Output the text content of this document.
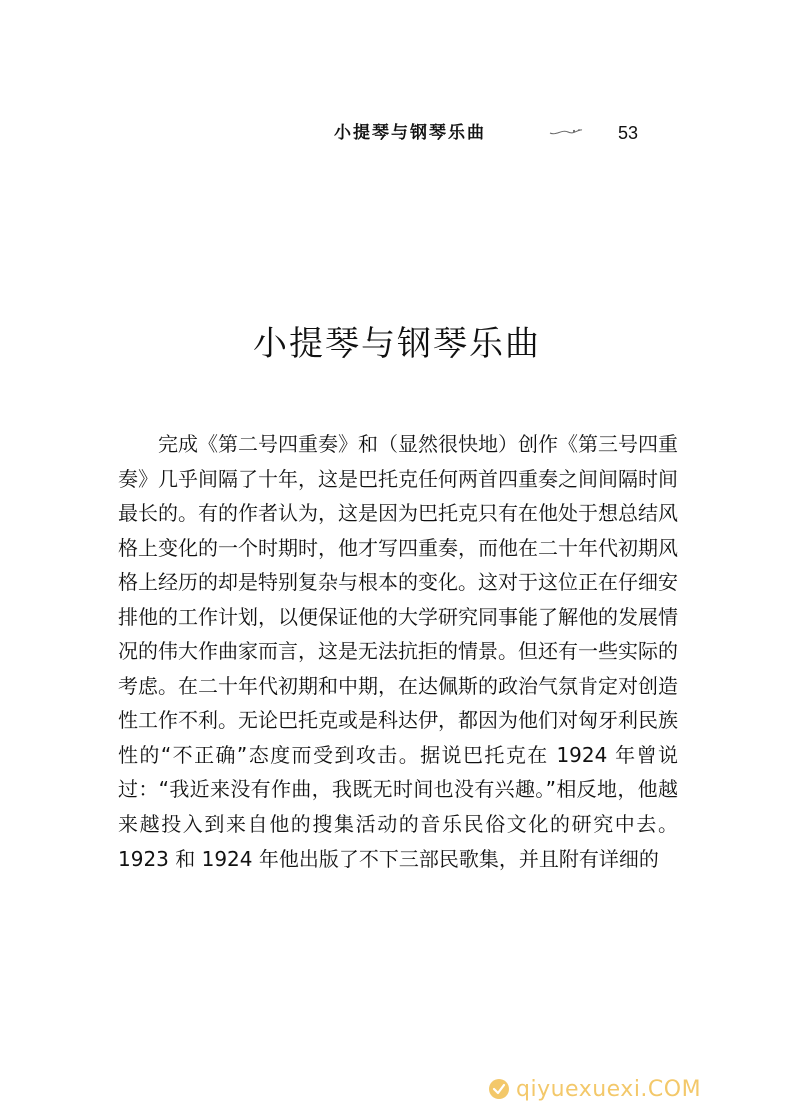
小提琴与钢琴乐曲	53
小提琴与钢琴乐曲

完成《第二号四重奏》和（显然很快地）创作《第三号四重奏》几乎间隔了十年，这是巴托克任何两首四重奏之间间隔时间最长的。有的作者认为，这是因为巴托克只有在他处于想总结风格上变化的一个时期时，他才写四重奏，而他在二十年代初期风格上经历的却是特别复杂与根本的变化。这对于这位正在仔细安排他的工作计划，以便保证他的大学研究同事能了解他的发展情况的伟大作曲家而言，这是无法抗拒的情景。但还有一些实际的考虑。在二十年代初期和中期，在达佩斯的政治气氛肯定对创造性工作不利。无论巴托克或是科达伊，都因为他们对匈牙利民族性的“不正确”态度而受到攻击。据说巴托克在 1924 年曾说过：“我近来没有作曲，我既无时间也没有兴趣。”相反地，他越来越投入到来自他的搜集活动的音乐民俗文化的研究中去。1923 和 1924 年他出版了不下三部民歌集，并且附有详细的

qiyuexuexi.COM
